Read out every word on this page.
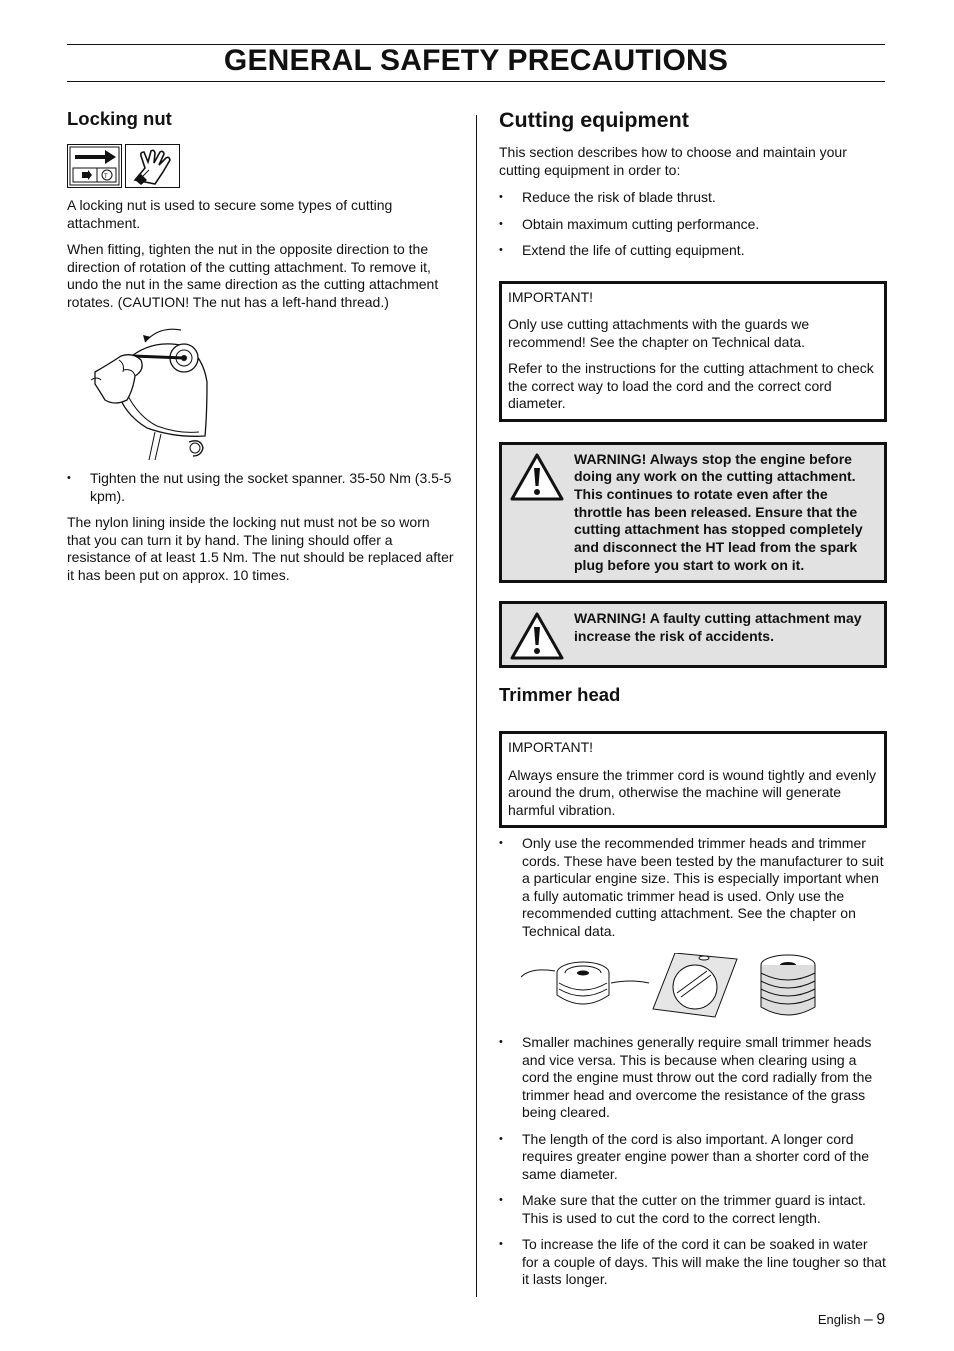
GENERAL SAFETY PRECAUTIONS
Locking nut
T

A locking nut is used to secure some types of cutting attachment.

When fitting, tighten the nut in the opposite direction to the direction of rotation of the cutting attachment. To remove it, undo the nut in the same direction as the cutting attachment rotates. (CAUTION! The nut has a left-hand thread.)

• Tighten the nut using the socket spanner. 35-50 Nm (3.5-5 kpm).

The nylon lining inside the locking nut must not be so worn that you can turn it by hand. The lining should offer a resistance of at least 1.5 Nm. The nut should be replaced after it has been put on approx. 10 times.

Cutting equipment

This section describes how to choose and maintain your cutting equipment in order to:

• Reduce the risk of blade thrust.
• Obtain maximum cutting performance.
• Extend the life of cutting equipment.

IMPORTANT!

Only use cutting attachments with the guards we recommend! See the chapter on Technical data.

Refer to the instructions for the cutting attachment to check the correct way to load the cord and the correct cord diameter.

WARNING! Always stop the engine before doing any work on the cutting attachment. This continues to rotate even after the throttle has been released. Ensure that the cutting attachment has stopped completely and disconnect the HT lead from the spark plug before you start to work on it.

WARNING! A faulty cutting attachment may increase the risk of accidents.

Trimmer head

IMPORTANT!

Always ensure the trimmer cord is wound tightly and evenly around the drum, otherwise the machine will generate harmful vibration.

• Only use the recommended trimmer heads and trimmer cords. These have been tested by the manufacturer to suit a particular engine size. This is especially important when a fully automatic trimmer head is used. Only use the recommended cutting attachment. See the chapter on Technical data.
• Smaller machines generally require small trimmer heads and vice versa. This is because when clearing using a cord the engine must throw out the cord radially from the trimmer head and overcome the resistance of the grass being cleared.
• The length of the cord is also important. A longer cord requires greater engine power than a shorter cord of the same diameter.
• Make sure that the cutter on the trimmer guard is intact. This is used to cut the cord to the correct length.
• To increase the life of the cord it can be soaked in water for a couple of days. This will make the line tougher so that it lasts longer.
English – 9
